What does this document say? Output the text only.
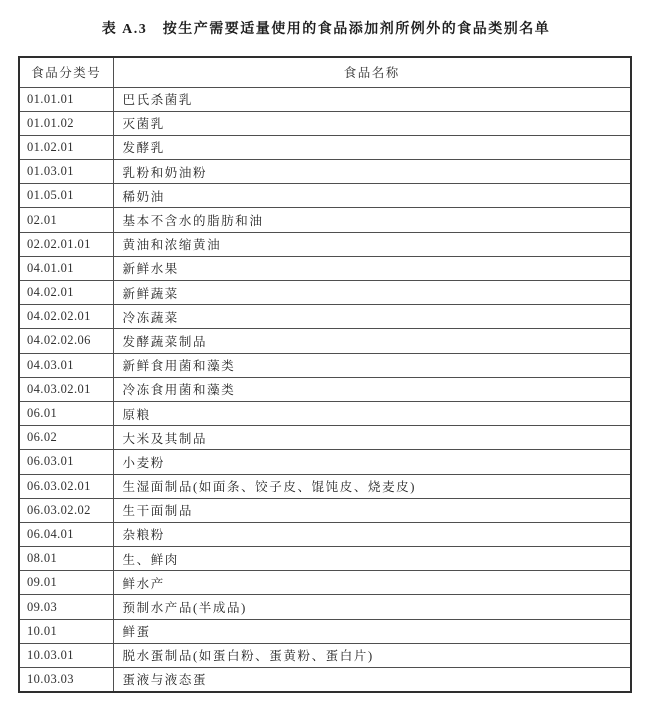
表 A.3　按生产需要适量使用的食品添加剂所例外的食品类别名单
食品分类号	食品名称
01.01.01	巴氏杀菌乳
01.01.02	灭菌乳
01.02.01	发酵乳
01.03.01	乳粉和奶油粉
01.05.01	稀奶油
02.01	基本不含水的脂肪和油
02.02.01.01	黄油和浓缩黄油
04.01.01	新鲜水果
04.02.01	新鲜蔬菜
04.02.02.01	冷冻蔬菜
04.02.02.06	发酵蔬菜制品
04.03.01	新鲜食用菌和藻类
04.03.02.01	冷冻食用菌和藻类
06.01	原粮
06.02	大米及其制品
06.03.01	小麦粉
06.03.02.01	生湿面制品(如面条、饺子皮、馄饨皮、烧麦皮)
06.03.02.02	生干面制品
06.04.01	杂粮粉
08.01	生、鲜肉
09.01	鲜水产
09.03	预制水产品(半成品)
10.01	鲜蛋
10.03.01	脱水蛋制品(如蛋白粉、蛋黄粉、蛋白片)
10.03.03	蛋液与液态蛋
